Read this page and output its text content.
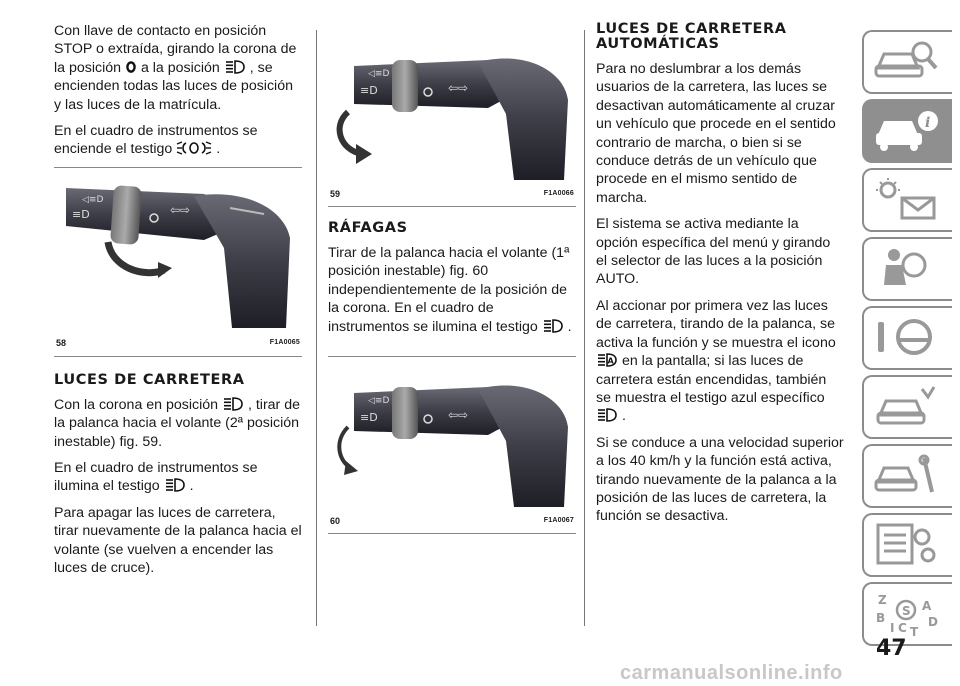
Con llave de contacto en posición STOP o extraída, girando la corona de la posición a la posición , se encienden todas las luces de posición y las luces de la matrícula.

En el cuadro de instrumentos se enciende el testigo	.

≡D
◁≡D
⇦⇨
58	F1A0065
LUCES DE CARRETERA

Con la corona en posición , tirar de la palanca hacia el volante (2ª posición inestable) fig. 59.

En el cuadro de instrumentos se ilumina el testigo .

Para apagar las luces de carretera, tirar nuevamente de la palanca hacia el volante (se vuelven a encender las luces de cruce).

≡D
◁≡D
⇦⇨
59	F1A0066
RÁFAGAS

Tirar de la palanca hacia el volante (1ª posición inestable) fig. 60 independientemente de la posición de la corona. En el cuadro de instrumentos se ilumina el testigo .

≡D
◁≡D
⇦⇨
60	F1A0067
LUCES DE CARRETERA AUTOMÁTICAS

Para no deslumbrar a los demás usuarios de la carretera, las luces se desactivan automáticamente al cruzar un vehículo que procede en el sentido contrario de marcha, o bien si se conduce detrás de un vehículo que procede en el mismo sentido de marcha.

El sistema se activa mediante la opción específica del menú y girando el selector de las luces a la posición AUTO.

Al accionar por primera vez las luces de carretera, tirando de la palanca, se activa la función y se muestra el icono
A en la pantalla; si las luces de carretera están encendidas, también se muestra el testigo azul específico
.

Si se conduce a una velocidad superior a los 40 km/h y la función está activa, tirando nuevamente de la palanca a la posición de las luces de carretera, la función se desactiva.

i
Z	A
B
I C T
D
S
47
carmanualsonline.info
